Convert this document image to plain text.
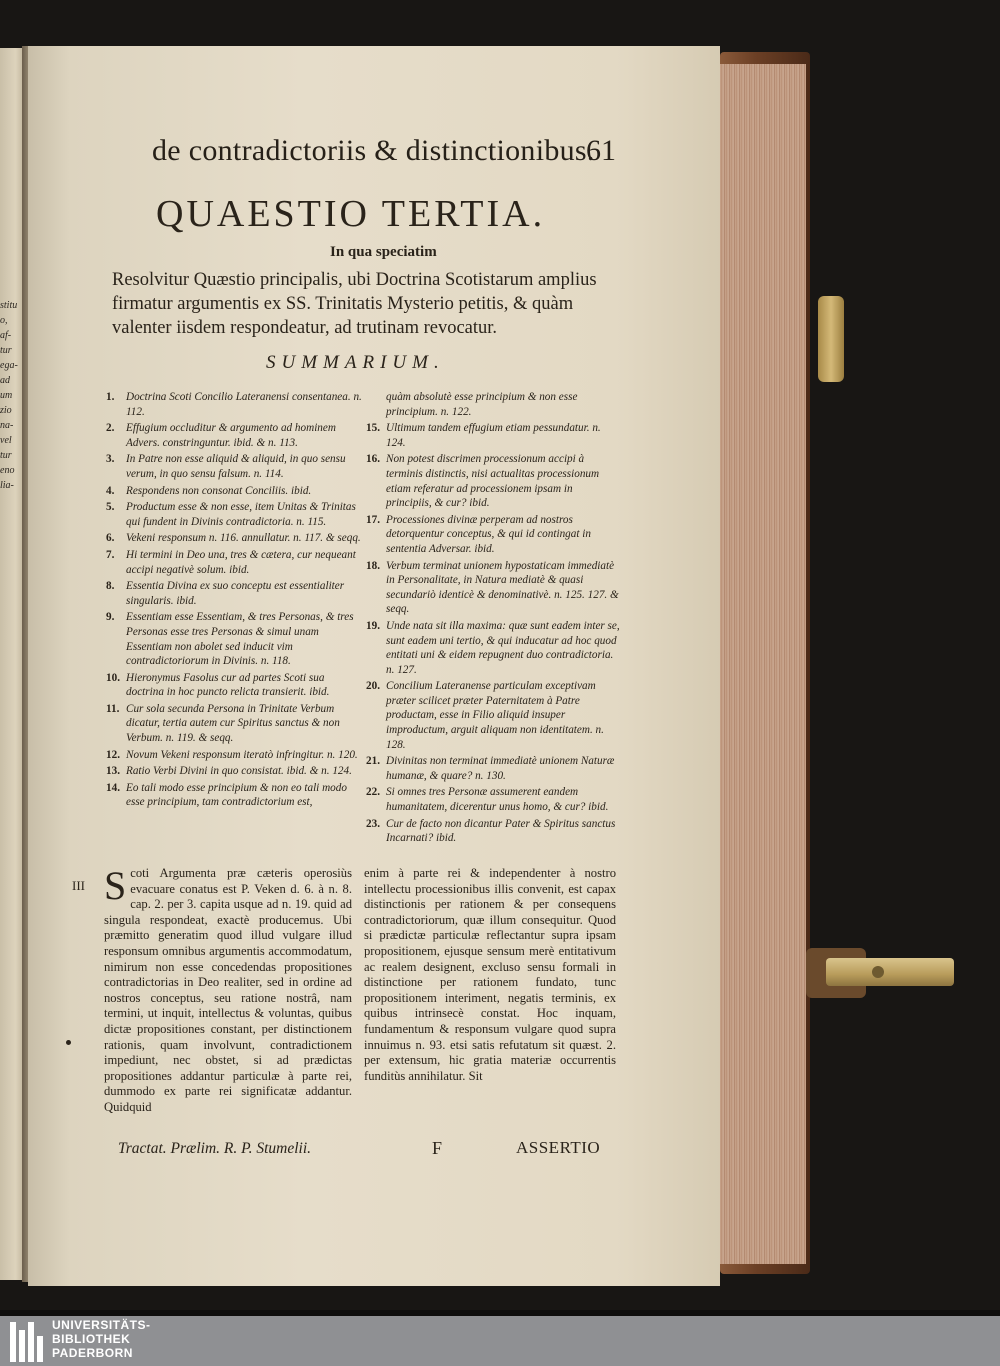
stitu
o,
af-
tur
ega-
ad
um
zio
na-
vel
tur
eno
lia-
de contradictoriis & distinctionibus.
61
QUAESTIO TERTIA.
In qua speciatim
Resolvitur Quæstio principalis, ubi Doctrina Scotistarum amplius firmatur argumentis ex SS. Trinitatis Mysterio petitis, & quàm valenter iisdem respondeatur, ad trutinam revocatur.
SUMMARIUM.
1.	Doctrina Scoti Concilio Lateranensi consentanea. n. 112.
2.	Effugium occluditur & argumento ad hominem Advers. constringuntur. ibid. & n. 113.
3.	In Patre non esse aliquid & aliquid, in quo sensu verum, in quo sensu falsum. n. 114.
4.	Respondens non consonat Conciliis. ibid.
5.	Productum esse & non esse, item Unitas & Trinitas qui fundent in Divinis contradictoria. n. 115.
6.	Vekeni responsum n. 116. annullatur. n. 117. & seqq.
7.	Hi termini in Deo una, tres & cætera, cur nequeant accipi negativè solum. ibid.
8.	Essentia Divina ex suo conceptu est essentialiter singularis. ibid.
9.	Essentiam esse Essentiam, & tres Personas, & tres Personas esse tres Personas & simul unam Essentiam non abolet sed inducit vim contradictoriorum in Divinis. n. 118.
10. Hieronymus Fasolus cur ad partes Scoti sua doctrina in hoc puncto relicta transierit. ibid.
11. Cur sola secunda Persona in Trinitate Verbum dicatur, tertia autem cur Spiritus sanctus & non Verbum. n. 119. & seqq.
12. Novum Vekeni responsum iteratò infringitur. n. 120.
13. Ratio Verbi Divini in quo consistat. ibid. & n. 124.
14. Eo tali modo esse principium & non eo tali modo esse principium, tam contradictorium est,
quàm absolutè esse principium & non esse principium. n. 122.
15. Ultimum tandem effugium etiam pessundatur. n. 124.
16. Non potest discrimen processionum accipi à terminis distinctis, nisi actualitas processionum etiam referatur ad processionem ipsam in principiis, & cur? ibid.
17. Processiones divinæ perperam ad nostros detorquentur conceptus, & qui id contingat in sententia Adversar. ibid.
18. Verbum terminat unionem hypostaticam immediatè in Personalitate, in Natura mediatè & quasi secundariò identicè & denominativè. n. 125. 127. & seqq.
19. Unde nata sit illa maxima: quæ sunt eadem inter se, sunt eadem uni tertio, & qui inducatur ad hoc quod entitati uni & eidem repugnent duo contradictoria. n. 127.
20. Concilium Lateranense particulam exceptivam præter scilicet præter Paternitatem à Patre productam, esse in Filio aliquid insuper improductum, arguit aliquam non identitatem. n. 128.
21. Divinitas non terminat immediatè unionem Naturæ humanæ, & quare? n. 130.
22. Si omnes tres Personæ assumerent eandem humanitatem, dicerentur unus homo, & cur? ibid.
23. Cur de facto non dicantur Pater & Spiritus sanctus Incarnati? ibid.
III Scoti Argumenta præ cæteris operosiùs evacuare conatus est P. Veken d. 6. à n. 8. cap. 2. per 3. capita usque ad n. 19. quid ad singula respondeat, exactè producemus. Ubi præmitto generatim quod illud vulgare illud responsum omnibus argumentis accommodatum, nimirum non esse concedendas propositiones contradictorias in Deo realiter, sed in ordine ad nostros conceptus, seu ratione nostrâ, nam termini, ut inquit, intellectus & voluntas, quibus dictæ propositiones constant, per distinctionem rationis, quam involvunt, contradictionem impediunt, nec obstet, si ad prædictas propositiones addantur particulæ à parte rei, dummodo ex parte rei significatæ addantur. Quidquid
enim à parte rei & independenter à nostro intellectu processionibus illis convenit, est capax distinctionis per rationem & per consequens contradictoriorum, quæ illum consequitur. Quod si prædictæ particulæ reflectantur supra ipsam propositionem, ejusque sensum merè entitativum ac realem designent, excluso sensu formali in distinctione per rationem fundato, tunc propositionem interiment, negatis terminis, ex quibus intrinsecè constat. Hoc inquam, fundamentum & responsum vulgare quod supra innuimus n. 93. etsi satis refutatum sit quæst. 2. per extensum, hic gratia materiæ occurrentis funditùs annihilatur. Sit
Tractat. Prælim. R. P. Stumelii.	F	ASSERTIO
UNIVERSITÄTS-
BIBLIOTHEK
PADERBORN
